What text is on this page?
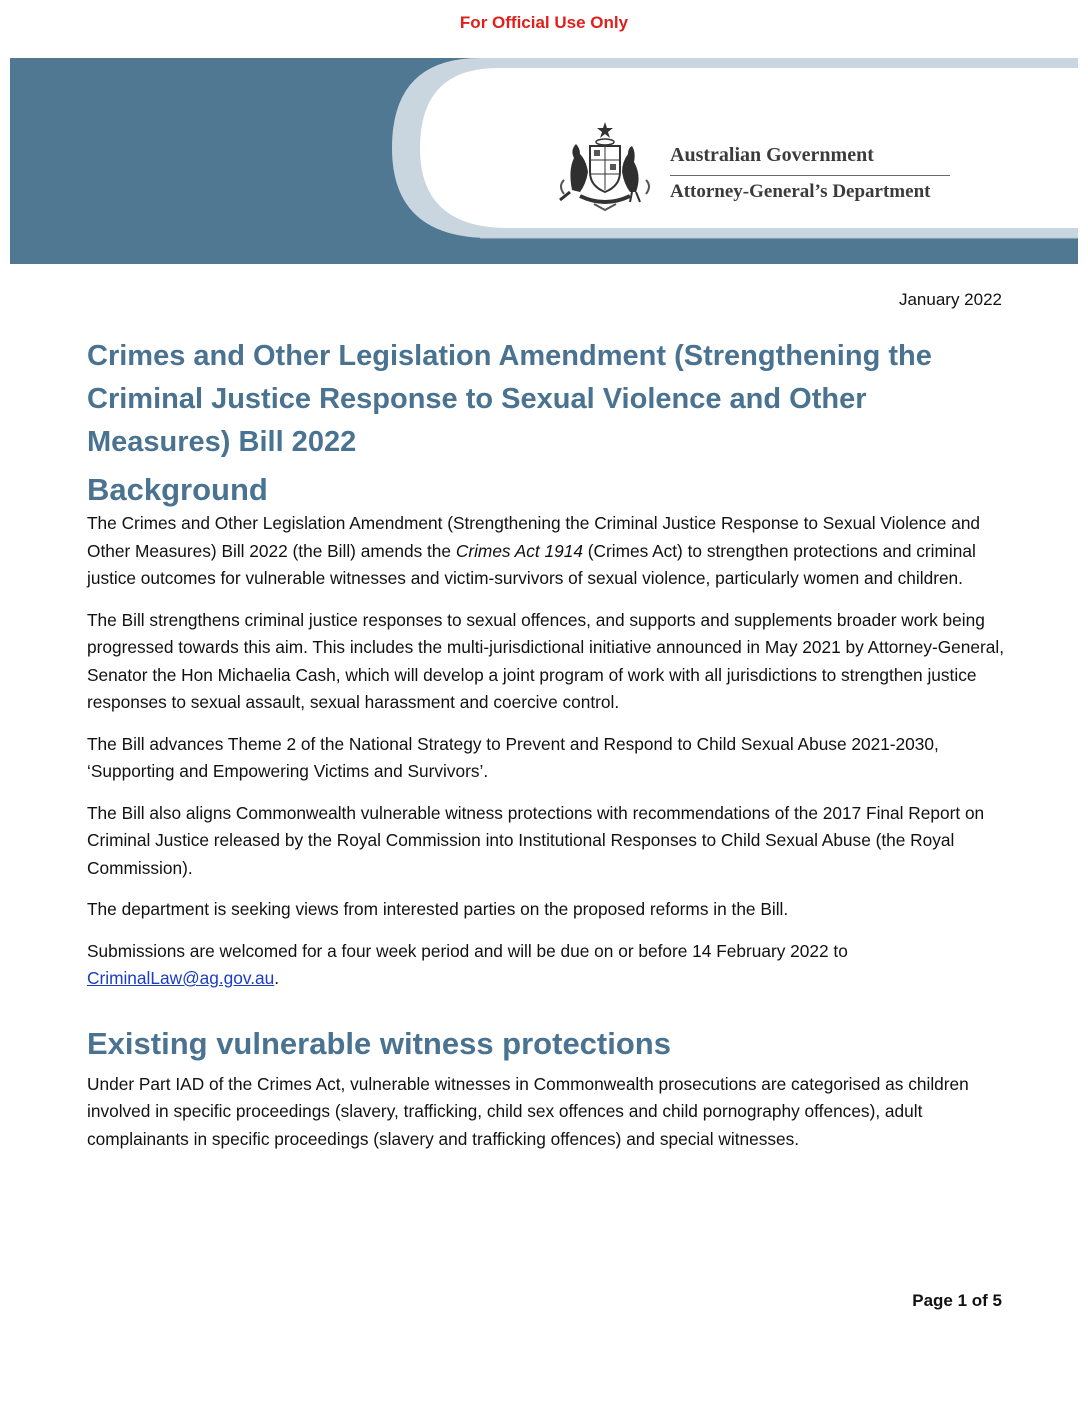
For Official Use Only
Australian Government
Attorney-General’s Department
January 2022
Crimes and Other Legislation Amendment (Strengthening the Criminal Justice Response to Sexual Violence and Other Measures) Bill 2022
Background

The Crimes and Other Legislation Amendment (Strengthening the Criminal Justice Response to Sexual Violence and Other Measures) Bill 2022 (the Bill) amends the Crimes Act 1914 (Crimes Act) to strengthen protections and criminal justice outcomes for vulnerable witnesses and victim-survivors of sexual violence, particularly women and children.

The Bill strengthens criminal justice responses to sexual offences, and supports and supplements broader work being progressed towards this aim. This includes the multi-jurisdictional initiative announced in May 2021 by Attorney-General, Senator the Hon Michaelia Cash, which will develop a joint program of work with all jurisdictions to strengthen justice responses to sexual assault, sexual harassment and coercive control.

The Bill advances Theme 2 of the National Strategy to Prevent and Respond to Child Sexual Abuse 2021-2030, ‘Supporting and Empowering Victims and Survivors’.

The Bill also aligns Commonwealth vulnerable witness protections with recommendations of the 2017 Final Report on Criminal Justice released by the Royal Commission into Institutional Responses to Child Sexual Abuse (the Royal Commission).

The department is seeking views from interested parties on the proposed reforms in the Bill.

Submissions are welcomed for a four week period and will be due on or before 14 February 2022 to CriminalLaw@ag.gov.au.

Existing vulnerable witness protections

Under Part IAD of the Crimes Act, vulnerable witnesses in Commonwealth prosecutions are categorised as children involved in specific proceedings (slavery, trafficking, child sex offences and child pornography offences), adult complainants in specific proceedings (slavery and trafficking offences) and special witnesses.

Page 1 of 5
